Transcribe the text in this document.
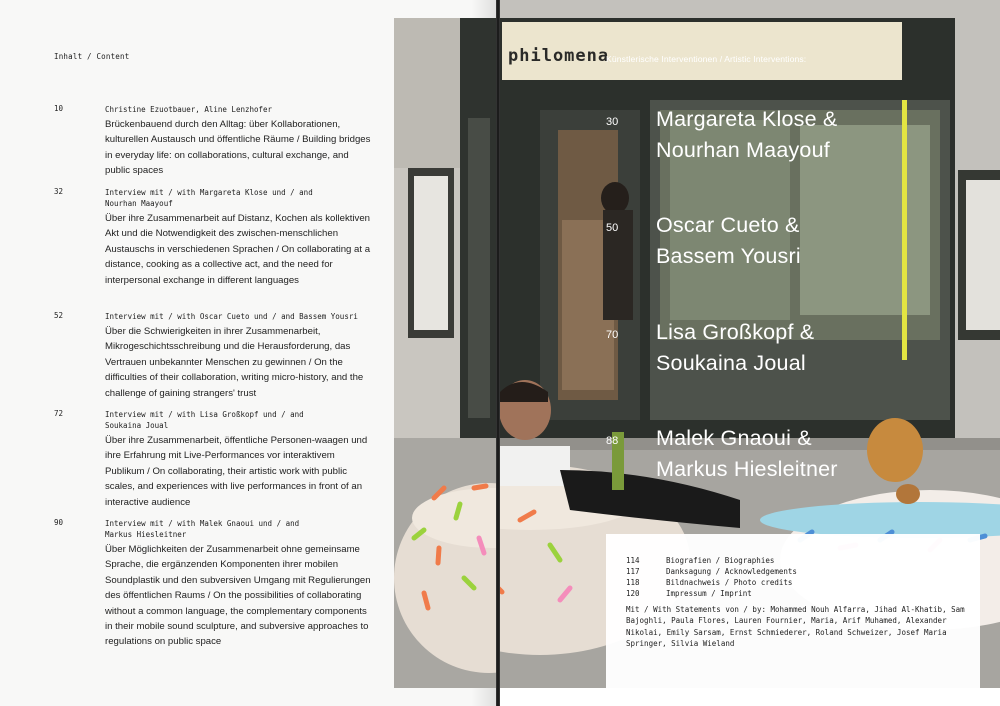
Inhalt / Content
10	Christine Ezuotbauer, Aline Lenzhofer

Brückenbauend durch den Alltag: über Kollaborationen, kulturellen Austausch und öffentliche Räume / Building bridges in everyday life: on collaborations, cultural exchange, and public spaces

32	Interview mit / with Margareta Klose und / and
Nourhan Maayouf

Über ihre Zusammenarbeit auf Distanz, Kochen als kollektiven Akt und die Notwendigkeit des zwischen-menschlichen Austauschs in verschiedenen Sprachen / On collaborating at a distance, cooking as a collective act, and the need for interpersonal exchange in different languages

52	Interview mit / with Oscar Cueto und / and Bassem Yousri

Über die Schwierigkeiten in ihrer Zusammenarbeit, Mikrogeschichtsschreibung und die Herausforderung, das Vertrauen unbekannter Menschen zu gewinnen / On the difficulties of their collaboration, writing micro-history, and the challenge of gaining strangers' trust

72	Interview mit / with Lisa Großkopf und / and
Soukaina Joual

Über ihre Zusammenarbeit, öffentliche Personen-waagen und ihre Erfahrung mit Live-Performances vor interaktivem Publikum / On collaborating, their artistic work with public scales, and experiences with live performances in front of an interactive audience

90	Interview mit / with Malek Gnaoui und / and
Markus Hiesleitner

Über Möglichkeiten der Zusammenarbeit ohne gemeinsame Sprache, die ergänzenden Komponenten ihrer mobilen Soundplastik und den subversiven Umgang mit Regulierungen des öffentlichen Raums / On the possibilities of collaborating without a common language, the complementary components in their mobile sound sculpture, and subversive approaches to regulations on public space

philomena
Künstlerische Interventionen / Artistic Interventions:
30 Margareta Klose &
Nourhan Maayouf
50 Oscar Cueto &
Bassem Yousri
70 Lisa Großkopf &
Soukaina Joual
88 Malek Gnaoui &
Markus Hiesleitner
114	Biografien / Biographies
117	Danksagung / Acknowledgements
118	Bildnachweis / Photo credits
120	Impressum / Imprint

Mit / With Statements von / by: Mohammed Nouh Alfarra, Jihad Al-Khatib, Sam Bajoghli, Paula Flores, Lauren Fournier, Maria, Arif Muhamed, Alexander Nikolai, Emily Sarsam, Ernst Schmiederer, Roland Schweizer, Josef Maria Springer, Silvia Wieland
